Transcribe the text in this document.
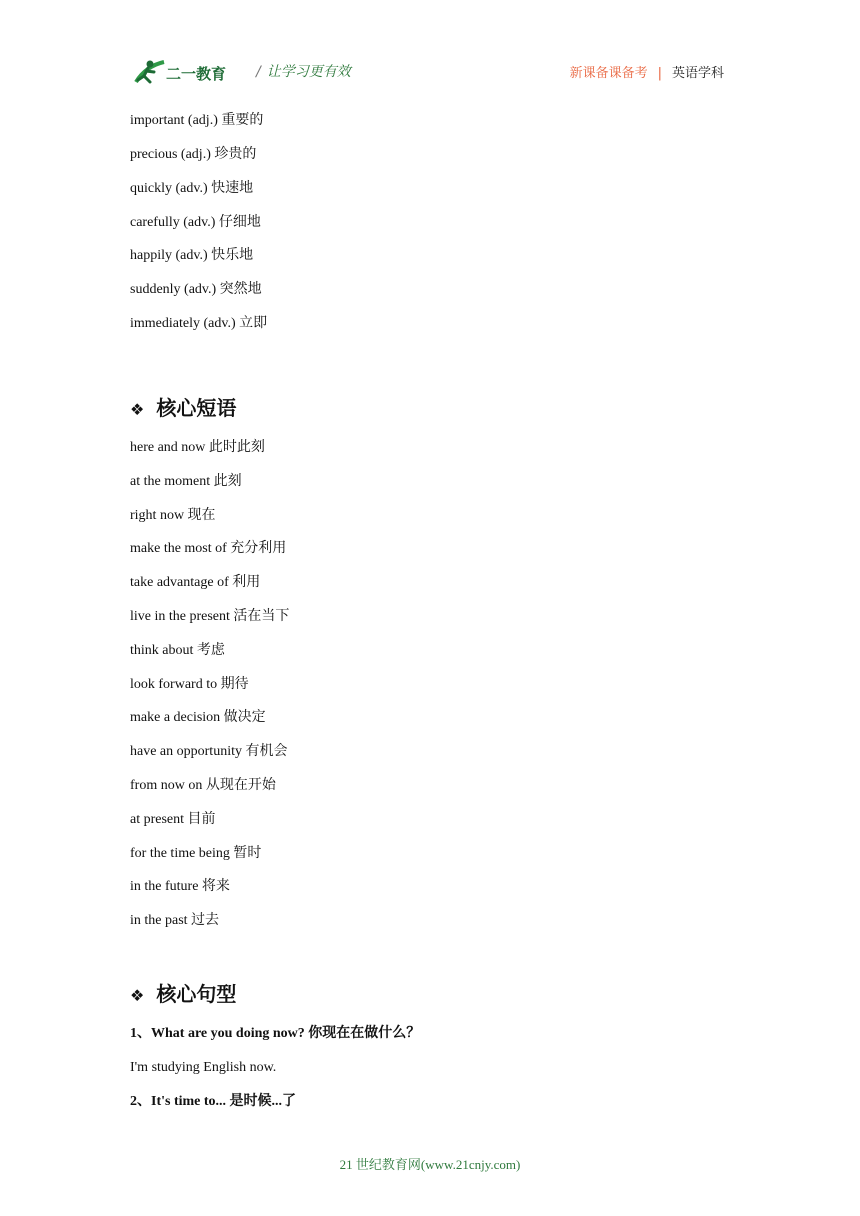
二一教育 / 让学习更有效	新课备课备考 | 英语学科
important (adj.) 重要的
precious (adj.) 珍贵的
quickly (adv.) 快速地
carefully (adv.) 仔细地
happily (adv.) 快乐地
suddenly (adv.) 突然地
immediately (adv.) 立即
❖ 核心短语
here and now 此时此刻
at the moment 此刻
right now 现在
make the most of 充分利用
take advantage of 利用
live in the present 活在当下
think about 考虑
look forward to 期待
make a decision 做决定
have an opportunity 有机会
from now on 从现在开始
at present 目前
for the time being 暂时
in the future 将来
in the past 过去
❖ 核心句型
1、What are you doing now? 你现在在做什么？
I'm studying English now.
2、It's time to... 是时候...了
21 世纪教育网(www.21cnjy.com)
